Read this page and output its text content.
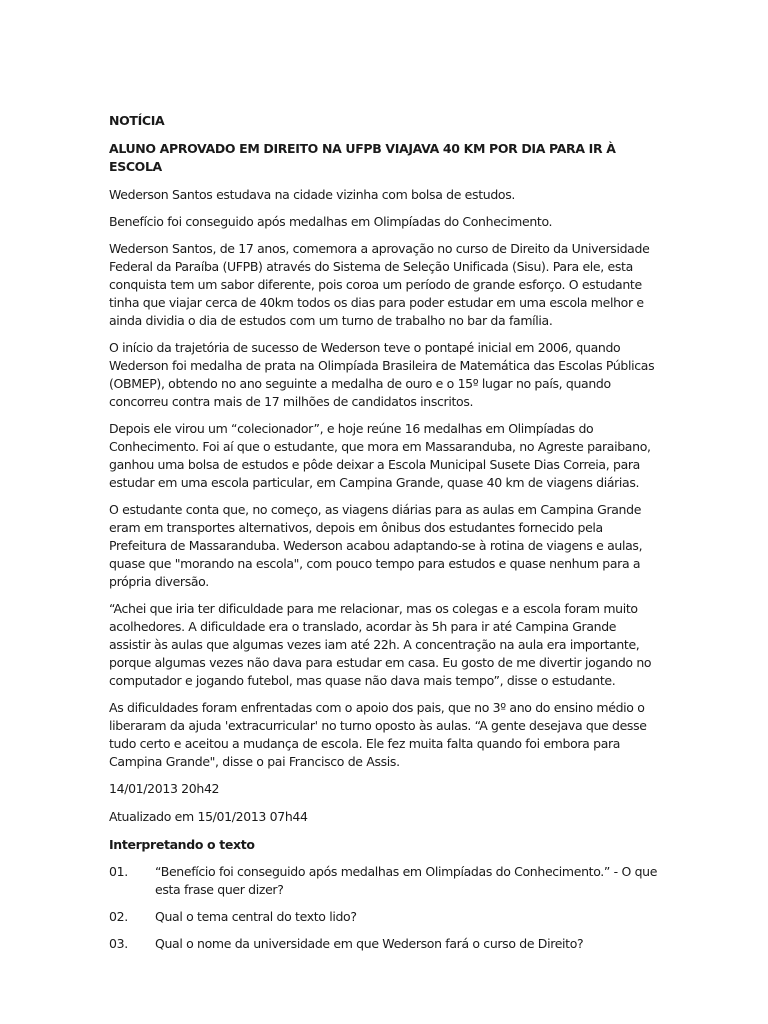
NOTÍCIA

ALUNO APROVADO EM DIREITO NA UFPB VIAJAVA 40 KM POR DIA PARA IR À ESCOLA

Wederson Santos estudava na cidade vizinha com bolsa de estudos.

Benefício foi conseguido após medalhas em Olimpíadas do Conhecimento.

Wederson Santos, de 17 anos, comemora a aprovação no curso de Direito da Universidade Federal da Paraíba (UFPB) através do Sistema de Seleção Unificada (Sisu). Para ele, esta conquista tem um sabor diferente, pois coroa um período de grande esforço. O estudante tinha que viajar cerca de 40km todos os dias para poder estudar em uma escola melhor e ainda dividia o dia de estudos com um turno de trabalho no bar da família.

O início da trajetória de sucesso de Wederson teve o pontapé inicial em 2006, quando Wederson foi medalha de prata na Olimpíada Brasileira de Matemática das Escolas Públicas (OBMEP), obtendo no ano seguinte a medalha de ouro e o 15º lugar no país, quando concorreu contra mais de 17 milhões de candidatos inscritos.

Depois ele virou um “colecionador”, e hoje reúne 16 medalhas em Olimpíadas do Conhecimento. Foi aí que o estudante, que mora em Massaranduba, no Agreste paraibano, ganhou uma bolsa de estudos e pôde deixar a Escola Municipal Susete Dias Correia, para estudar em uma escola particular, em Campina Grande, quase 40 km de viagens diárias.

O estudante conta que, no começo, as viagens diárias para as aulas em Campina Grande eram em transportes alternativos, depois em ônibus dos estudantes fornecido pela Prefeitura de Massaranduba. Wederson acabou adaptando-se à rotina de viagens e aulas, quase que "morando na escola", com pouco tempo para estudos e quase nenhum para a própria diversão.

“Achei que iria ter dificuldade para me relacionar, mas os colegas e a escola foram muito acolhedores. A dificuldade era o translado, acordar às 5h para ir até Campina Grande assistir às aulas que algumas vezes iam até 22h. A concentração na aula era importante, porque algumas vezes não dava para estudar em casa. Eu gosto de me divertir jogando no computador e jogando futebol, mas quase não dava mais tempo”, disse o estudante.

As dificuldades foram enfrentadas com o apoio dos pais, que no 3º ano do ensino médio o liberaram da ajuda 'extracurricular' no turno oposto às aulas. “A gente desejava que desse tudo certo e aceitou a mudança de escola. Ele fez muita falta quando foi embora para Campina Grande", disse o pai Francisco de Assis.

14/01/2013 20h42

Atualizado em 15/01/2013 07h44

Interpretando o texto

01.	“Benefício foi conseguido após medalhas em Olimpíadas do Conhecimento.” - O que esta frase quer dizer?
02.	Qual o tema central do texto lido?
03.	Qual o nome da universidade em que Wederson fará o curso de Direito?
